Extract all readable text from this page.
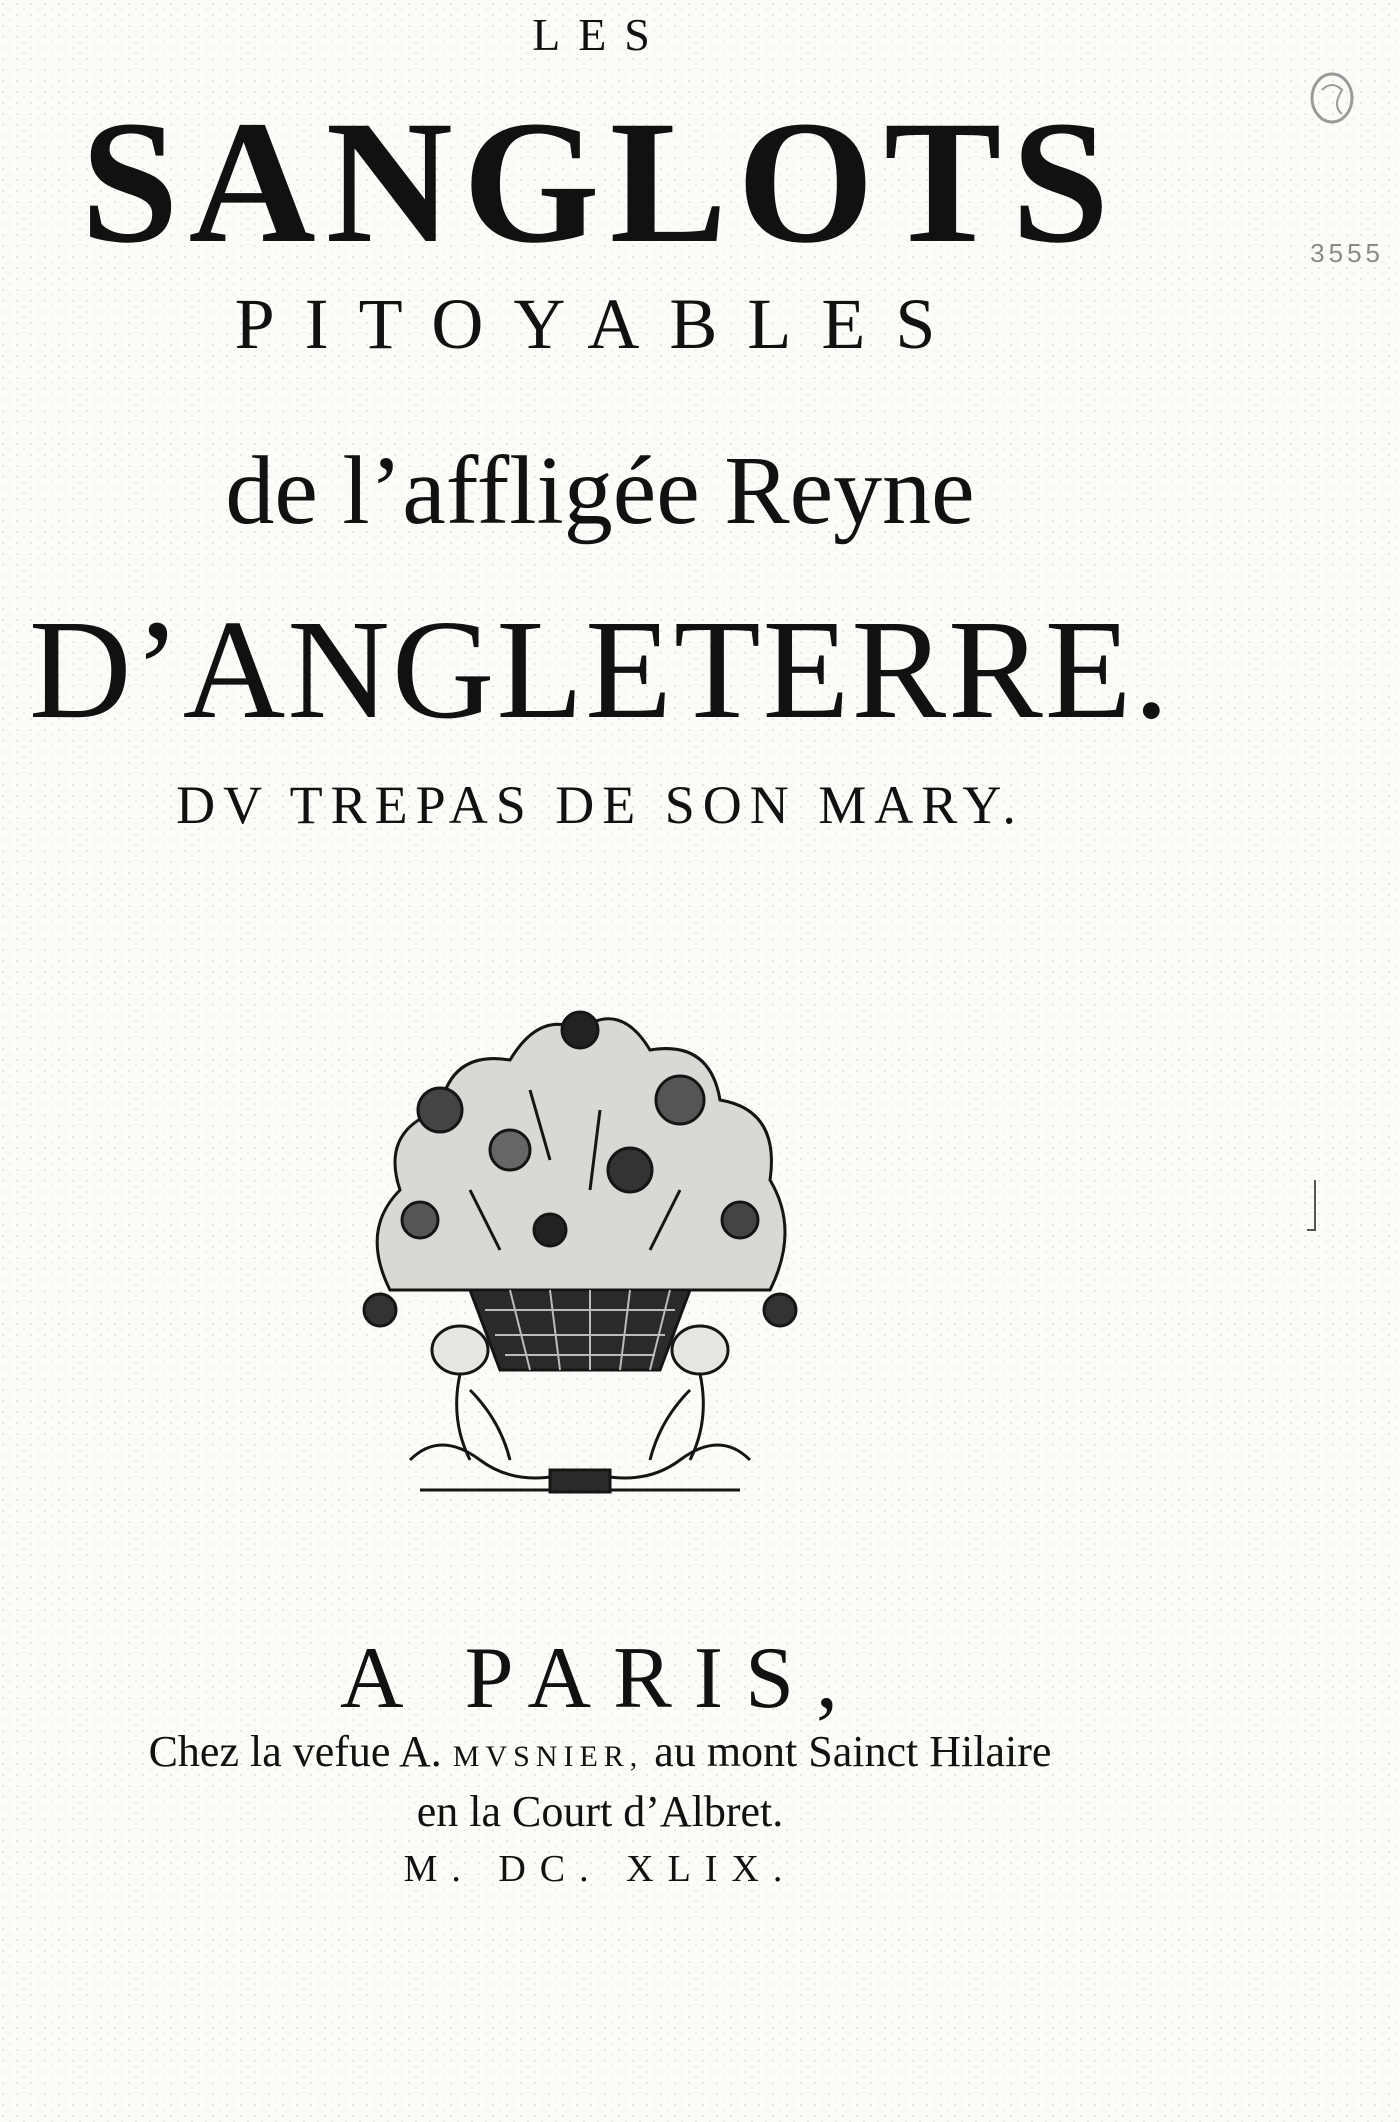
LES
SANGLOTS
PITOYABLES
de l’affligée Reyne
D’ANGLETERRE.
DV TREPAS DE SON MARY.
A PARIS,
Chez la vefue A. MVSNIER, au mont Sainct Hilaire
en la Court d’Albret.
M. DC. XLIX.
3555
